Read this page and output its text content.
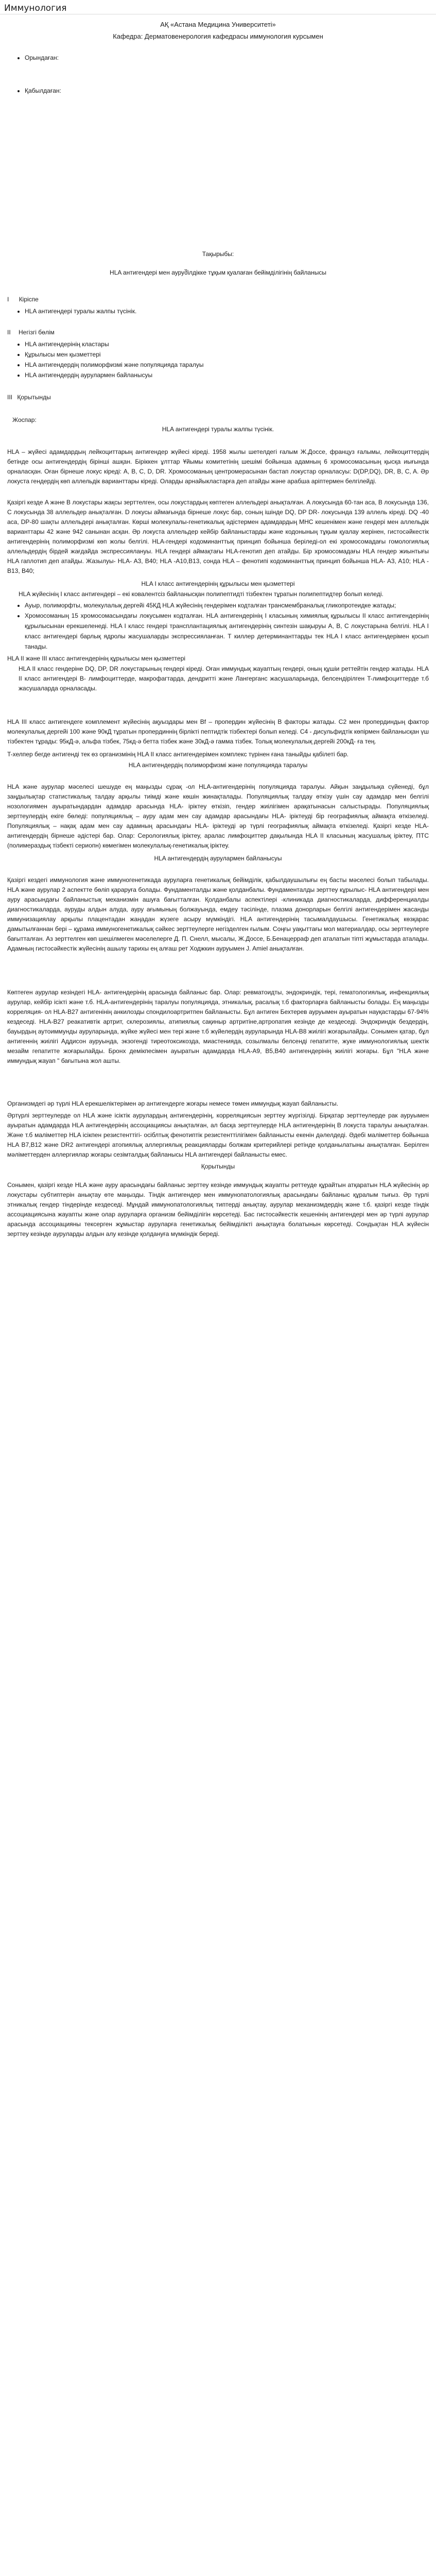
Иммунология
АҚ «Астана Медицина Университеті»
Кафедра: Дерматовенерология кафедрасы иммунология курсымен
• Орындаған:
• Қабылдаған:
Тақырыбы:
HLA антигендері мен ауруშiлдікке тұқым қуалаған бейімділігінің байланысы
I Кіріспе
• HLA антигендері туралы жалпы түсінік.
II Негізгі бөлім
• HLA антигендерінің кластары
• Құрылысы мен қызметтері
• HLA антигендердің полиморфизмі және популяцияда таралуы
• HLA антигендердің аурулармен байланысуы
III Қорытынды
Жоспар:
HLA антигендері туралы жалпы түсінік.

HLA – жүйесі адамдардың лейкоциттарың антигендер жүйесі кіреді. 1958 жылы шетелдегі ғалым Ж.Доссе, француз ғалымы, лейкоциттердің бетінде осы антигендердің бірінші ашқан. Біріккен ұлттар Ұйымы комитетінің шешімі бойынша адамның 6 хромосомасының қысқа иығында орналасқан. Оған бірнеше локус кіреді: A, B, C, D, DR. Хромосоманың центромерасынан бастап локустар орналасуы: D(DP,DQ), DR, B, C, A. Әр локуста гендердің көп аллельдік варианттары кіреді. Оларды арнайыкластарға деп атайды және арабша аріптермен белгілейді.

Қазіргі кезде A және B локустары жақсы зерттелген, осы локустардың көптеген аллельдері анықталған. A локусында 60-тан аса, B локусында 136, C локусында 38 аллельдер анықталған. D локусы аймағында бірнеше локус бар, соның ішінде DQ, DP DR- локусында 139 аллель кіреді. DQ -40 аса, DP-80 шақты аллельдері анықталған. Көрші молекулалы-генетикалық әдістермен адамдардың МНС кешенімен және гендері мен аллельдік варианттары 42 және 942 санынан асқан. Әр локуста аллельдер кейбір байланыстарды және кодонының тұқым қуалау жерінен, гистосәйкестік антигендерінің полиморфизмі көп жолы белгілі. HLA-гендері кодоминанттық принцип бойынша беріледі-ол екі хромосомадағы гомологиялық аллельдердің бірдей жағдайда экспрессиялануы. HLA гендері аймақтағы HLA-генотип деп атайды. Бір хромосомадағы HLA гендер жиынтығы HLA гаплотип деп атайды. Жазылуы- HLA- A3, B40; HLA -A10,B13, сонда HLA – фенотипі кодоминанттық принцип бойынша HLA- A3, A10; HLA -B13, B40;

HLA I класс антигендерінің құрылысы мен қызметтері

HLA жүйесінің I класс антигендері – екі ковалентсіз байланысқан полипептидті тізбектен тұратын полипептидтер болып келеді.

• Ауыр, полиморфты, молекулалық дергейі 45КД HLA жүйесінің гендерімен кодталған трансмембраналық гликопротеидке жатады;
• Хромосоманың 15 хромосомасындағы локусымен кодталған. HLA антигендерінің I класының химиялық құрылысы II класс антигендерінің құрылысынан ерекшеленеді. HLA I класс гендері трансплантациялық антигендерінің синтезін шақыруы A, B, C локустарына белгілі. HLA I класс антигендері барлық ядролы жасушаларды экспрессияланған. Т киллер детерминанттарды тек HLA I класс антигендерімен қосып танады.
HLA II және III класс антигендерінің құрылысы мен қызметтері

HLA II класс гендеріне DQ, DP, DR локустарының гендері кіреді. Оған иммундық жауаптың гендері, оның құшіи реттейтін гендер жатады. HLA II класс антигендері B- лимфоциттерде, макрофагтарда, дендритті және Лангерганс жасушаларында, белсендірілген T-лимфоциттерде т.б жасушаларда орналасады.

HLA III класс антигендеге комплемент жүйесінің ақуыздары мен Bf – пропердин жүйесінің B факторы жатады. C2 мен пропердиндың фактор молекулалық дергейі 100 және 90кД тұратын пропердиннің бірлікті пептидтік тізбектері болып келеді. C4 - дисульфидтік көпірмен байланысқан үш тізбектен тұрады: 95кД-ә, альфа тізбек, 75кд-ә бетта тізбек және 30кД-ә гамма тізбек. Толық молекулалық дергейі 200кД- ға тең.

T-хелпер бегде антигенді тек өз организмінің HLA II класс антигендерімен комплекс түрінен ғана таныйды қабілеті бар.

HLA антигендердің полиморфизмі және популяцияда таралуы

HLA және аурулар мәселесі шешуде ең маңызды сұрақ -ол HLA-антигендерінің популяцияда таралуы. Айқын заңдылықа сүйенеді, бұл заңдылықтар статистикалық талдау арқылы тиімді және көшін жинақталады. Популяциялық талдау өткізу үшін сау адамдар мен белгілі нозологиямен ауыратындардан адамдар арасында HLA- іріктеу өткізіп, гендер жиілігімен арақатынасын салыстырады. Популяциялық зерттеулердің екіге бөледі: популяциялық – ауру адам мен сау адамдар арасындағы HLA- іріктеуді бір географиялық аймақта өткізеледі. Популяциялық – нақақ адам мен сау адамның арасындағы HLA- іріктеуді әр түрлі географиялық аймақта өткізеледі. Қазіргі кезде HLA- антигендердің бірнеше әдістері бар. Олар: Серологиялық іріктеу, аралас лимфоциттер дақылында HLA II класының жасушалық іріктеу, ПТС (полимераздық тізбекті сериопн) көмегімен молекулалық-генетикалық іріктеу.

HLA антигендердің аурулармен байланысуы

Қазіргі кездегі иммунология және иммуногенетикада ауруларға генетикалық бейімділік, қабылдаушылығы ең басты мәселесі болып табылады. HLA және аурулар 2 аспектте бөліп қараруға болады. Фундаменталды және қолданбалы. Фундаменталды зерттеу кұрылыс- HLA антигендері мен ауру арасындағы байланыстық механизмін ашуға бағытталған. Қолданбалы аспектілері -клиникада диагностикаларда, дифференциалды диагностикаларда, ауруды алдын алуда, ауру ағымының болжауында, емдеу тәсілінде, плазма донорларын белгілі антигендерімен жасанды иммунизациялау арқылы плацентадан жаңадан жүзеге асыру мүмкіндігі. HLA антигендерінің тасымалдаушысы. Генетикалық көзқарас дамытылғаннан бері – құрама иммуногенетикалық сәйкес зерттеулерге негізделген ғылым. Соңғы уақыттағы мол материалдар, осы зерттеулерге бағытталған. Аз зерттелген көп шешілмеген мәселелерге Д. П. Снелл, мысалы, Ж.Доссе, Б.Бенацерраф деп аталатын тіпті жұмыстарда аталады. Адамның гистосәйкестік жүйесінің ашылу тарихы ең алғаш рет Ходжкин ауруымен J. Amiel анықталған.

Көптеген аурулар кезіндегі HLA- антигендерінің арасында байланыс бар. Олар: ревматоидты, эндокриндік, тері, гематологиялық, инфекциялық аурулар, кейбір ісікті және т.б. HLA-антигендерінің таралуы популяцияда, этникалық, расалық т.б факторларға байланысты болады. Ең маңызды корреляция- ол HLA-B27 антигенінің анкилозды спондилоартритпен байланысты. Бұл антиген Бехтерев ауруымен ауыратын науқастарды 67-94% кездеседі. HLA-B27 реакативтік артрит, склерозиялы, атипиялық сақиныр артритіне,артропатия кезінде де кездеседі. Эндокриндік бездердің, бауырдың аутоиммунды ауруларында, жүйке жүйесі мен тері және т.б жүйелердің ауруларында HLA-B8 жиілігі жоғарылайды. Сонымен қатар, бұл антигеннің жиілігі Аддисон ауруында, экзогенді тиреотоксикозда, миастенияда, созылмалы белсенді гепатитте, жуке иммунологиялық шектік мезайм гепатитте жоғарылайды. Бронх демікпесімен ауыратын адамдарда HLA-A9, B5,B40 антигендерінің жиілігі жоғары. Бұл "HLA және иммундық жауап " бағытына жол ашты.

Организмдегі әр түрлі HLA ерекшеліктерімен әр антигендерге жоғары немесе төмен иммундық жауап байланысты.

Әртүрлі зерттеулерде ол HLA және ісіктік аурулардың антигендерінің, корреляциясын зерттеу жүргізілді. Бірқатар зерттеулерде рак ауруымен ауыратын адамдарда HLA антигендерінің ассоциациясы анықталған, ал басқа зерттеулерде HLA антигендерінің B локуста таралуы анықталған. Және т.б маліметтер HLA ісікпен резистенттігі- осіблтық фенотиптік резистенттілігімен байланысты екенін дәлелдеді. Әдебі маліметтер бойынша HLA B7,B12 және DR2 антигендері атопиялық аллергиялық реакцияларды болжам критерийлері ретінде қолданылатыны анықталған. Берілген мәліметтерден аллергиялар жоғары сезімталдық байланысы HLA антигендері байланысты емес.

Қорытынды

Сонымен, қазіргі кезде HLA және ауру арасындағы байланыс зерттеу кезінде иммундық жауапты реттеуде құрайтын атқаратын HLA жүйесінің әр локустары субтиптерін анықтау өте маңызды. Тіндік антигендер мен иммунопатологиялық арасындағы байланыс құралым тығыз. Әр түрлі этникалық гендер тіндерінде кездеседі. Мұндай иммунопатологиялық типтерді анықтау, аурулар механизмдердің және т.б. қазіргі кезде тіндік ассоциациясына жауапты және олар ауруларға организм бейімділігін көрсетеді. Бас гистосәйкестік кешенінің антигендері мен әр түрлі аурулар арасында ассоциацияны тексерген жұмыстар ауруларға генетикалық бейімділікті анықтауға болатынын көрсетеді. Сондықтан HLA жүйесін зерттеу кезінде ауруларды алдын алу кезінде қолдануға мүмкіндік береді.
